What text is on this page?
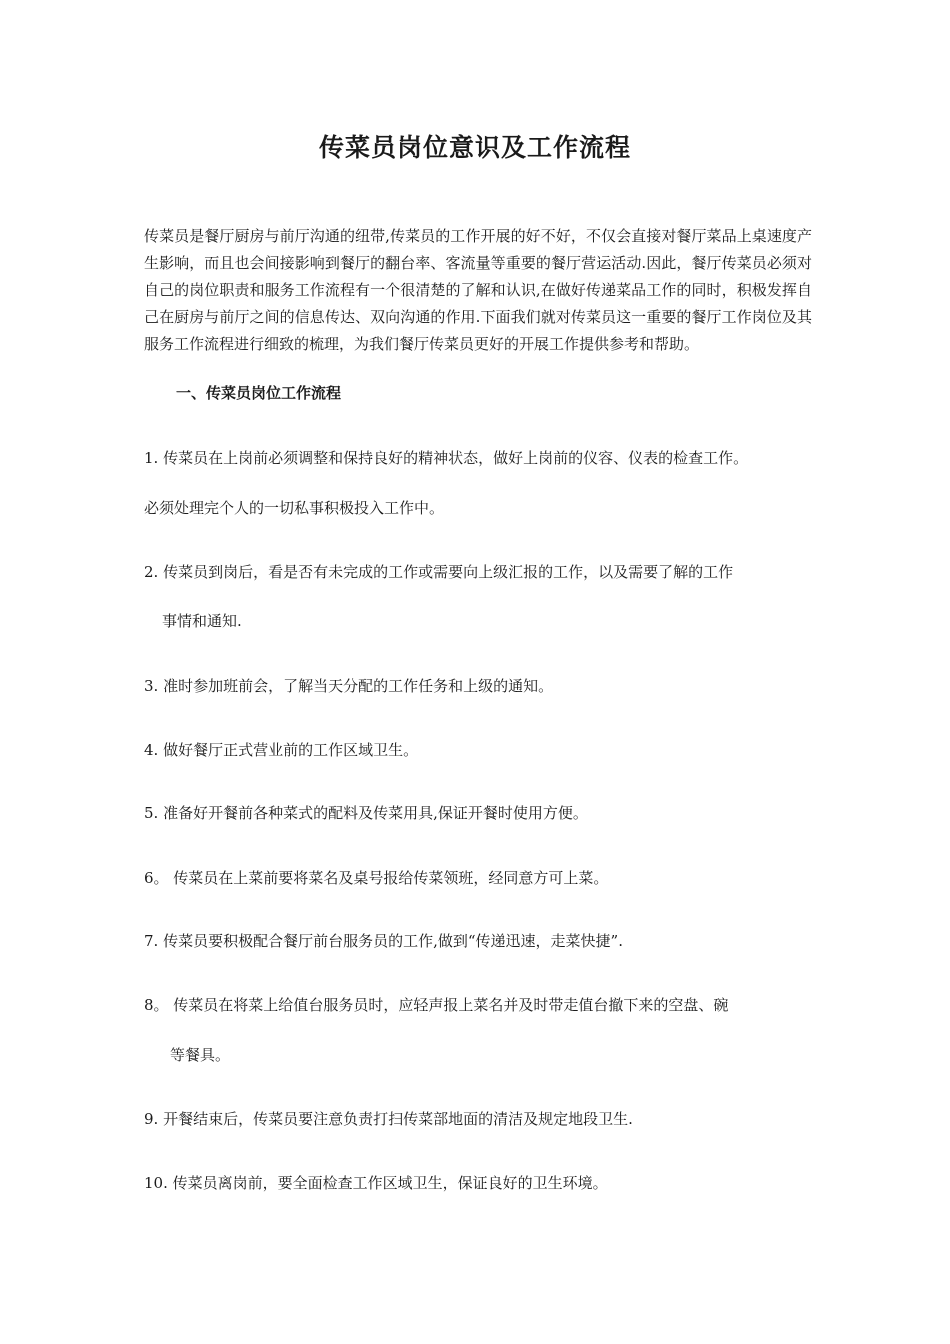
传菜员岗位意识及工作流程

传菜员是餐厅厨房与前厅沟通的纽带,传菜员的工作开展的好不好，不仅会直接对餐厅菜品上桌速度产生影响，而且也会间接影响到餐厅的翻台率、客流量等重要的餐厅营运活动.因此，餐厅传菜员必须对自己的岗位职责和服务工作流程有一个很清楚的了解和认识,在做好传递菜品工作的同时，积极发挥自己在厨房与前厅之间的信息传达、双向沟通的作用.下面我们就对传菜员这一重要的餐厅工作岗位及其服务工作流程进行细致的梳理，为我们餐厅传菜员更好的开展工作提供参考和帮助。

一、传菜员岗位工作流程

1. 传菜员在上岗前必须调整和保持良好的精神状态，做好上岗前的仪容、仪表的检查工作。

必须处理完个人的一切私事积极投入工作中。

2. 传菜员到岗后，看是否有未完成的工作或需要向上级汇报的工作，以及需要了解的工作

事情和通知.

3. 准时参加班前会，了解当天分配的工作任务和上级的通知。

4. 做好餐厅正式营业前的工作区域卫生。

5. 准备好开餐前各种菜式的配料及传菜用具,保证开餐时使用方便。

6。 传菜员在上菜前要将菜名及桌号报给传菜领班，经同意方可上菜。

7. 传菜员要积极配合餐厅前台服务员的工作,做到“传递迅速，走菜快捷”.

8。 传菜员在将菜上给值台服务员时，应轻声报上菜名并及时带走值台撤下来的空盘、碗

等餐具。

9. 开餐结束后，传菜员要注意负责打扫传菜部地面的清洁及规定地段卫生.

10. 传菜员离岗前，要全面检查工作区域卫生，保证良好的卫生环境。
